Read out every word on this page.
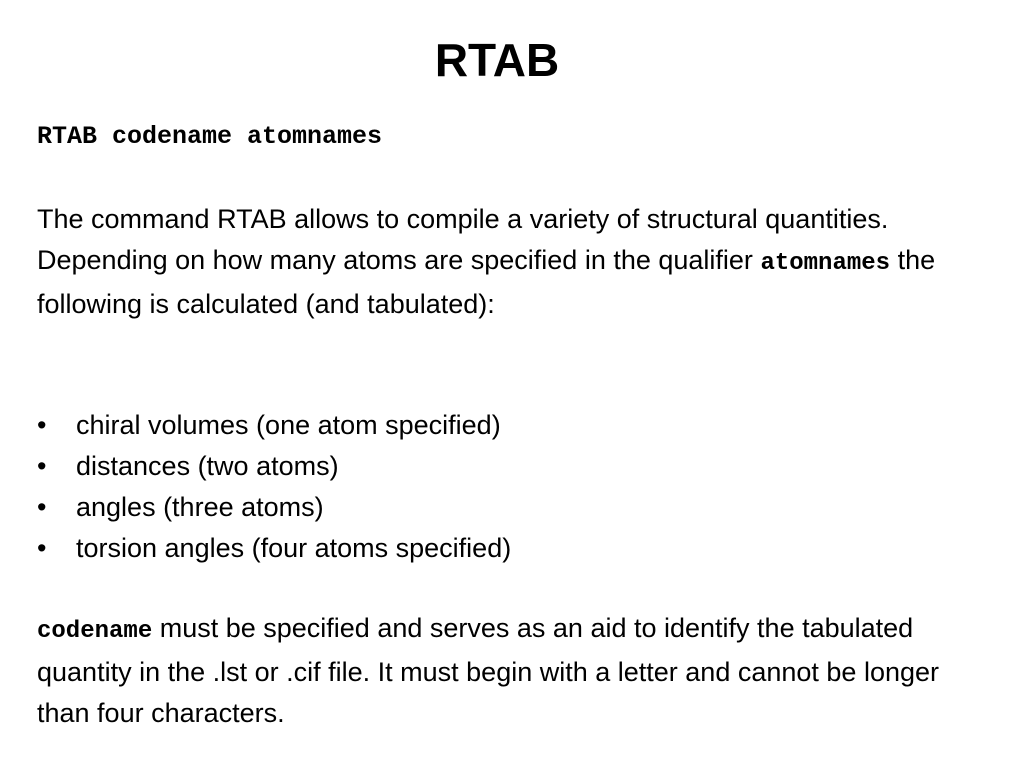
RTAB
RTAB codename atomnames

The command RTAB allows to compile a variety of structural quantities. Depending on how many atoms are specified in the qualifier atomnames the following is calculated (and tabulated):

• chiral volumes (one atom specified)
• distances (two atoms)
• angles (three atoms)
• torsion angles (four atoms specified)

codename must be specified and serves as an aid to identify the tabulated quantity in the .lst or .cif file. It must begin with a letter and cannot be longer than four characters.
